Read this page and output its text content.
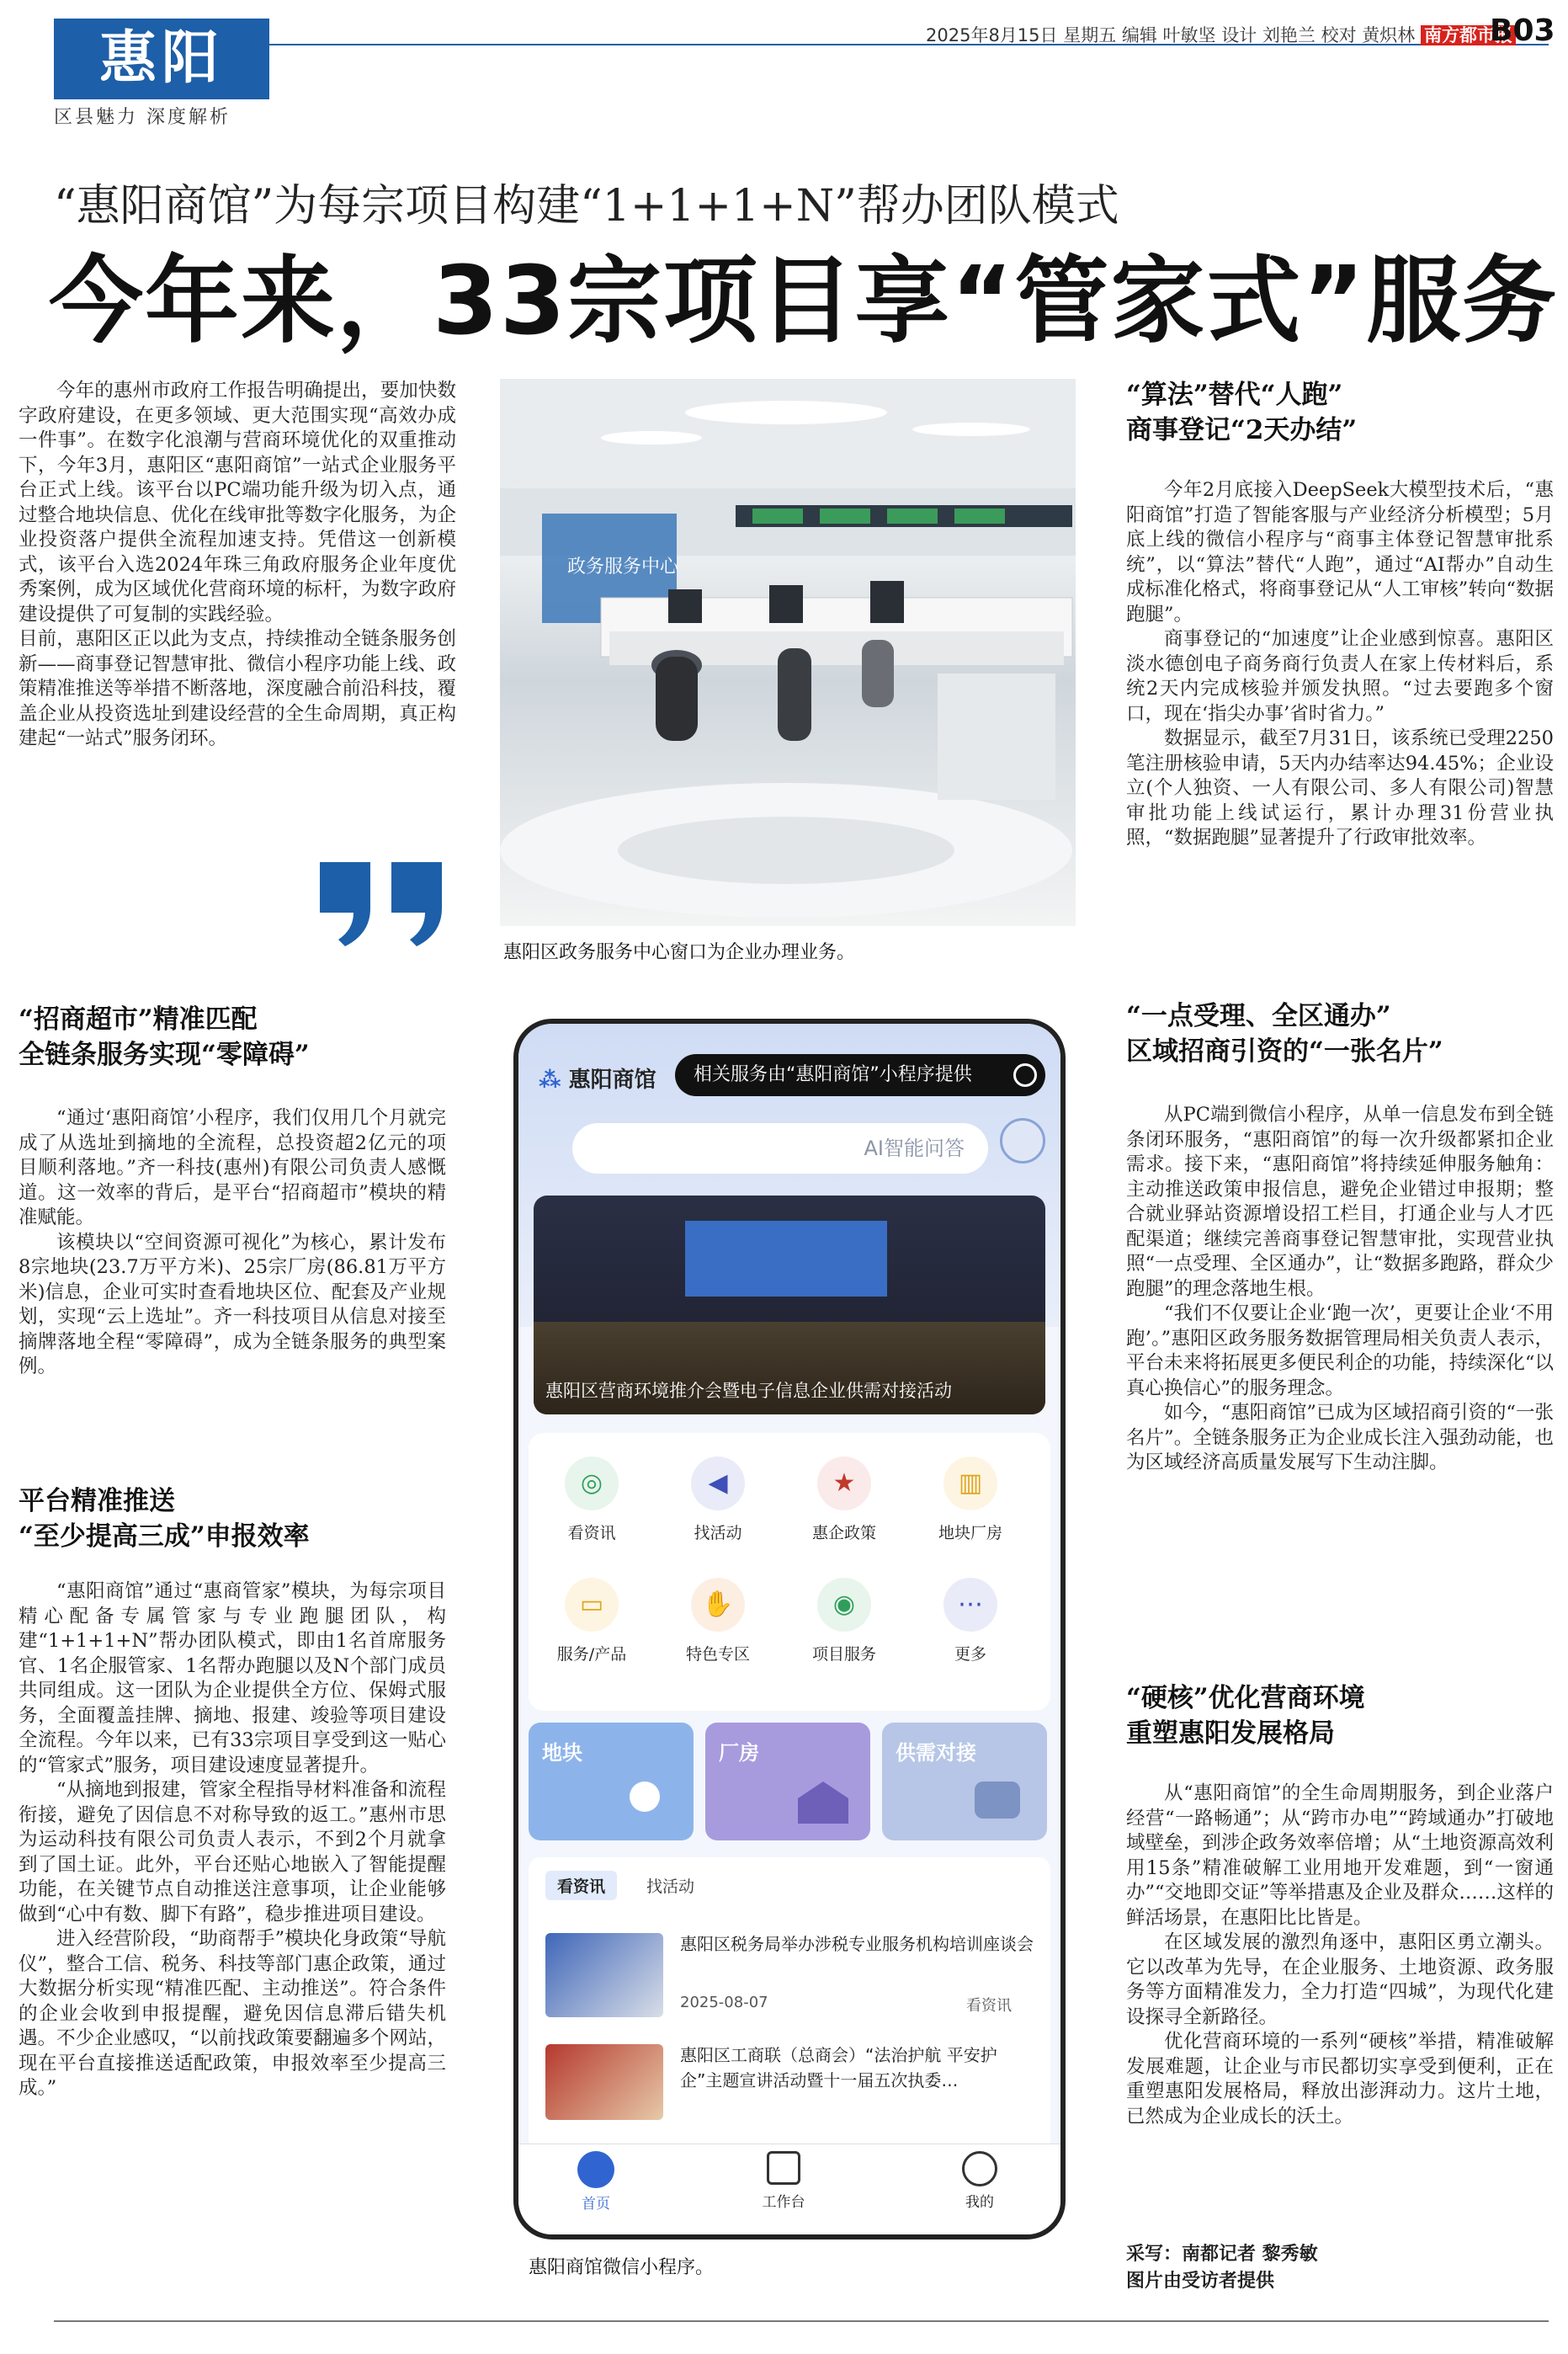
惠阳
区县魅力 深度解析
2025年8月15日 星期五 编辑 叶敏坚 设计 刘艳兰 校对 黄炽林 南方都市报
B03
“惠阳商馆”为每宗项目构建“1+1+1+N”帮办团队模式
今年来，33宗项目享“管家式”服务

今年的惠州市政府工作报告明确提出，要加快数字政府建设，在更多领域、更大范围实现“高效办成一件事”。在数字化浪潮与营商环境优化的双重推动下，今年3月，惠阳区“惠阳商馆”一站式企业服务平台正式上线。该平台以PC端功能升级为切入点，通过整合地块信息、优化在线审批等数字化服务，为企业投资落户提供全流程加速支持。凭借这一创新模式，该平台入选2024年珠三角政府服务企业年度优秀案例，成为区域优化营商环境的标杆，为数字政府建设提供了可复制的实践经验。

目前，惠阳区正以此为支点，持续推动全链条服务创新——商事登记智慧审批、微信小程序功能上线、政策精准推送等举措不断落地，深度融合前沿科技，覆盖企业从投资选址到建设经营的全生命周期，真正构建起“一站式”服务闭环。

政务服务中心
惠阳区政务服务中心窗口为企业办理业务。
“招商超市”精准匹配
全链条服务实现“零障碍”

“通过‘惠阳商馆’小程序，我们仅用几个月就完成了从选址到摘地的全流程，总投资超2亿元的项目顺利落地。”齐一科技(惠州)有限公司负责人感慨道。这一效率的背后，是平台“招商超市”模块的精准赋能。

该模块以“空间资源可视化”为核心，累计发布8宗地块(23.7万平方米)、25宗厂房(86.81万平方米)信息，企业可实时查看地块区位、配套及产业规划，实现“云上选址”。齐一科技项目从信息对接至摘牌落地全程“零障碍”，成为全链条服务的典型案例。

平台精准推送
“至少提高三成”申报效率

“惠阳商馆”通过“惠商管家”模块，为每宗项目精心配备专属管家与专业跑腿团队，构建“1+1+1+N”帮办团队模式，即由1名首席服务官、1名企服管家、1名帮办跑腿以及N个部门成员共同组成。这一团队为企业提供全方位、保姆式服务，全面覆盖挂牌、摘地、报建、竣验等项目建设全流程。今年以来，已有33宗项目享受到这一贴心的“管家式”服务，项目建设速度显著提升。

“从摘地到报建，管家全程指导材料准备和流程衔接，避免了因信息不对称导致的返工。”惠州市思为运动科技有限公司负责人表示，不到2个月就拿到了国土证。此外，平台还贴心地嵌入了智能提醒功能，在关键节点自动推送注意事项，让企业能够做到“心中有数、脚下有路”，稳步推进项目建设。

进入经营阶段，“助商帮手”模块化身政策“导航仪”，整合工信、税务、科技等部门惠企政策，通过大数据分析实现“精准匹配、主动推送”。符合条件的企业会收到申报提醒，避免因信息滞后错失机遇。不少企业感叹，“以前找政策要翻遍多个网站，现在平台直接推送适配政策，申报效率至少提高三成。”

“算法”替代“人跑”
商事登记“2天办结”

今年2月底接入DeepSeek大模型技术后，“惠阳商馆”打造了智能客服与产业经济分析模型；5月底上线的微信小程序与“商事主体登记智慧审批系统”，以“算法”替代“人跑”，通过“AI帮办”自动生成标准化格式，将商事登记从“人工审核”转向“数据跑腿”。

商事登记的“加速度”让企业感到惊喜。惠阳区淡水德创电子商务商行负责人在家上传材料后，系统2天内完成核验并颁发执照。“过去要跑多个窗口，现在‘指尖办事’省时省力。”

数据显示，截至7月31日，该系统已受理2250笔注册核验申请，5天内办结率达94.45%；企业设立(个人独资、一人有限公司、多人有限公司)智慧审批功能上线试运行，累计办理31份营业执照，“数据跑腿”显著提升了行政审批效率。

“一点受理、全区通办”
区域招商引资的“一张名片”

从PC端到微信小程序，从单一信息发布到全链条闭环服务，“惠阳商馆”的每一次升级都紧扣企业需求。接下来，“惠阳商馆”将持续延伸服务触角：主动推送政策申报信息，避免企业错过申报期；整合就业驿站资源增设招工栏目，打通企业与人才匹配渠道；继续完善商事登记智慧审批，实现营业执照“一点受理、全区通办”，让“数据多跑路，群众少跑腿”的理念落地生根。

“我们不仅要让企业‘跑一次’，更要让企业‘不用跑’。”惠阳区政务服务数据管理局相关负责人表示，平台未来将拓展更多便民利企的功能，持续深化“以真心换信心”的服务理念。

如今，“惠阳商馆”已成为区域招商引资的“一张名片”。全链条服务正为企业成长注入强劲动能，也为区域经济高质量发展写下生动注脚。

“硬核”优化营商环境
重塑惠阳发展格局

从“惠阳商馆”的全生命周期服务，到企业落户经营“一路畅通”；从“跨市办电”“跨域通办”打破地域壁垒，到涉企政务效率倍增；从“土地资源高效利用15条”精准破解工业用地开发难题，到“一窗通办”“交地即交证”等举措惠及企业及群众……这样的鲜活场景，在惠阳比比皆是。

在区域发展的激烈角逐中，惠阳区勇立潮头。它以改革为先导，在企业服务、土地资源、政务服务等方面精准发力，全力打造“四城”，为现代化建设探寻全新路径。

优化营商环境的一系列“硬核”举措，精准破解发展难题，让企业与市民都切实享受到便利，正在重塑惠阳发展格局，释放出澎湃动力。这片土地，已然成为企业成长的沃土。

采写：南都记者 黎秀敏
图片由受访者提供
⁂ 惠阳商馆	相关服务由“惠阳商馆”小程序提供
AI智能问答
惠阳区营商环境推介会暨电子信息企业供需对接活动
◎
看资讯
◀
找活动
★
惠企政策
▥
地块厂房
▭
服务/产品
✋
特色专区
◉
项目服务
⋯
更多
地块	厂房	供需对接
看资讯	找活动
惠阳区税务局举办涉税专业服务机构培训座谈会
2025-08-07	看资讯
惠阳区工商联（总商会）“法治护航 平安护企”主题宣讲活动暨十一届五次执委…
首页	工作台	我的
惠阳商馆微信小程序。
